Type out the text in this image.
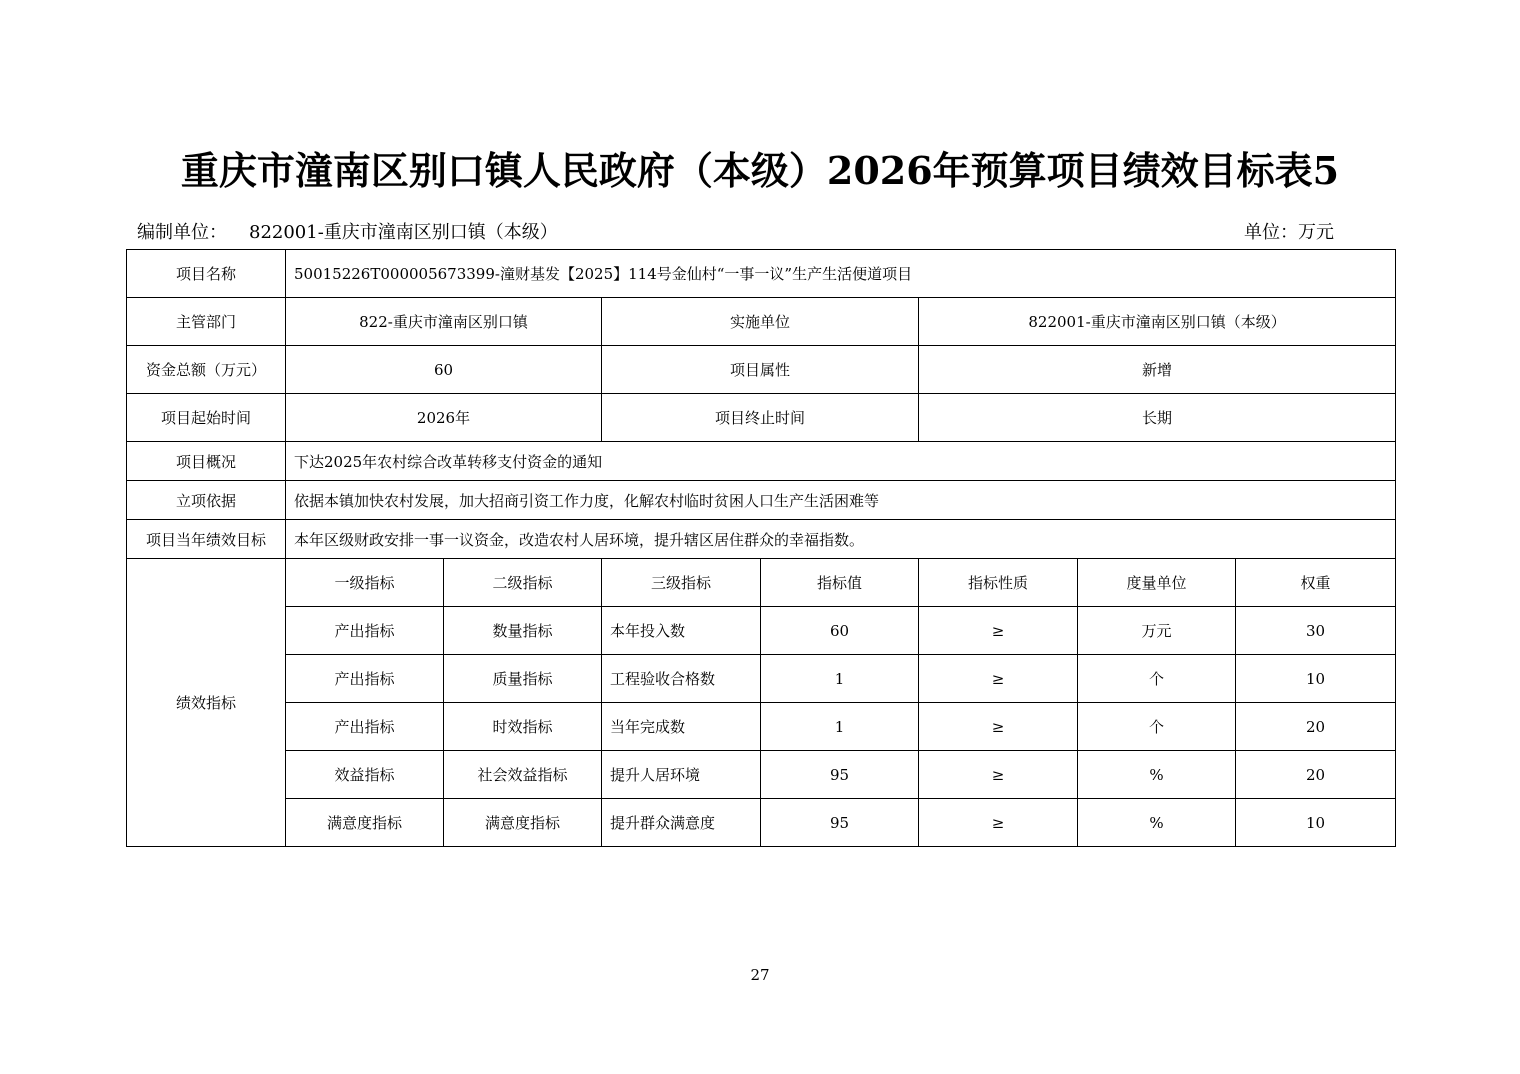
重庆市潼南区别口镇人民政府（本级）2026年预算项目绩效目标表5
编制单位： 822001-重庆市潼南区别口镇（本级）	单位：万元
项目名称	50015226T000005673399-潼财基发【2025】114号金仙村“一事一议”生产生活便道项目						
主管部门	822-重庆市潼南区别口镇		实施单位		822001-重庆市潼南区别口镇（本级）		
资金总额（万元）	60		项目属性		新增		
项目起始时间	2026年		项目终止时间		长期		
项目概况	下达2025年农村综合改革转移支付资金的通知						
立项依据	依据本镇加快农村发展，加大招商引资工作力度，化解农村临时贫困人口生产生活困难等						
项目当年绩效目标	本年区级财政安排一事一议资金，改造农村人居环境，提升辖区居住群众的幸福指数。						
绩效指标	一级指标	二级指标	三级指标	指标值	指标性质	度量单位	权重
	产出指标	数量指标	本年投入数	60	≥	万元	30
	产出指标	质量指标	工程验收合格数	1	≥	个	10
	产出指标	时效指标	当年完成数	1	≥	个	20
	效益指标	社会效益指标	提升人居环境	95	≥	%	20
	满意度指标	满意度指标	提升群众满意度	95	≥	%	10
27
